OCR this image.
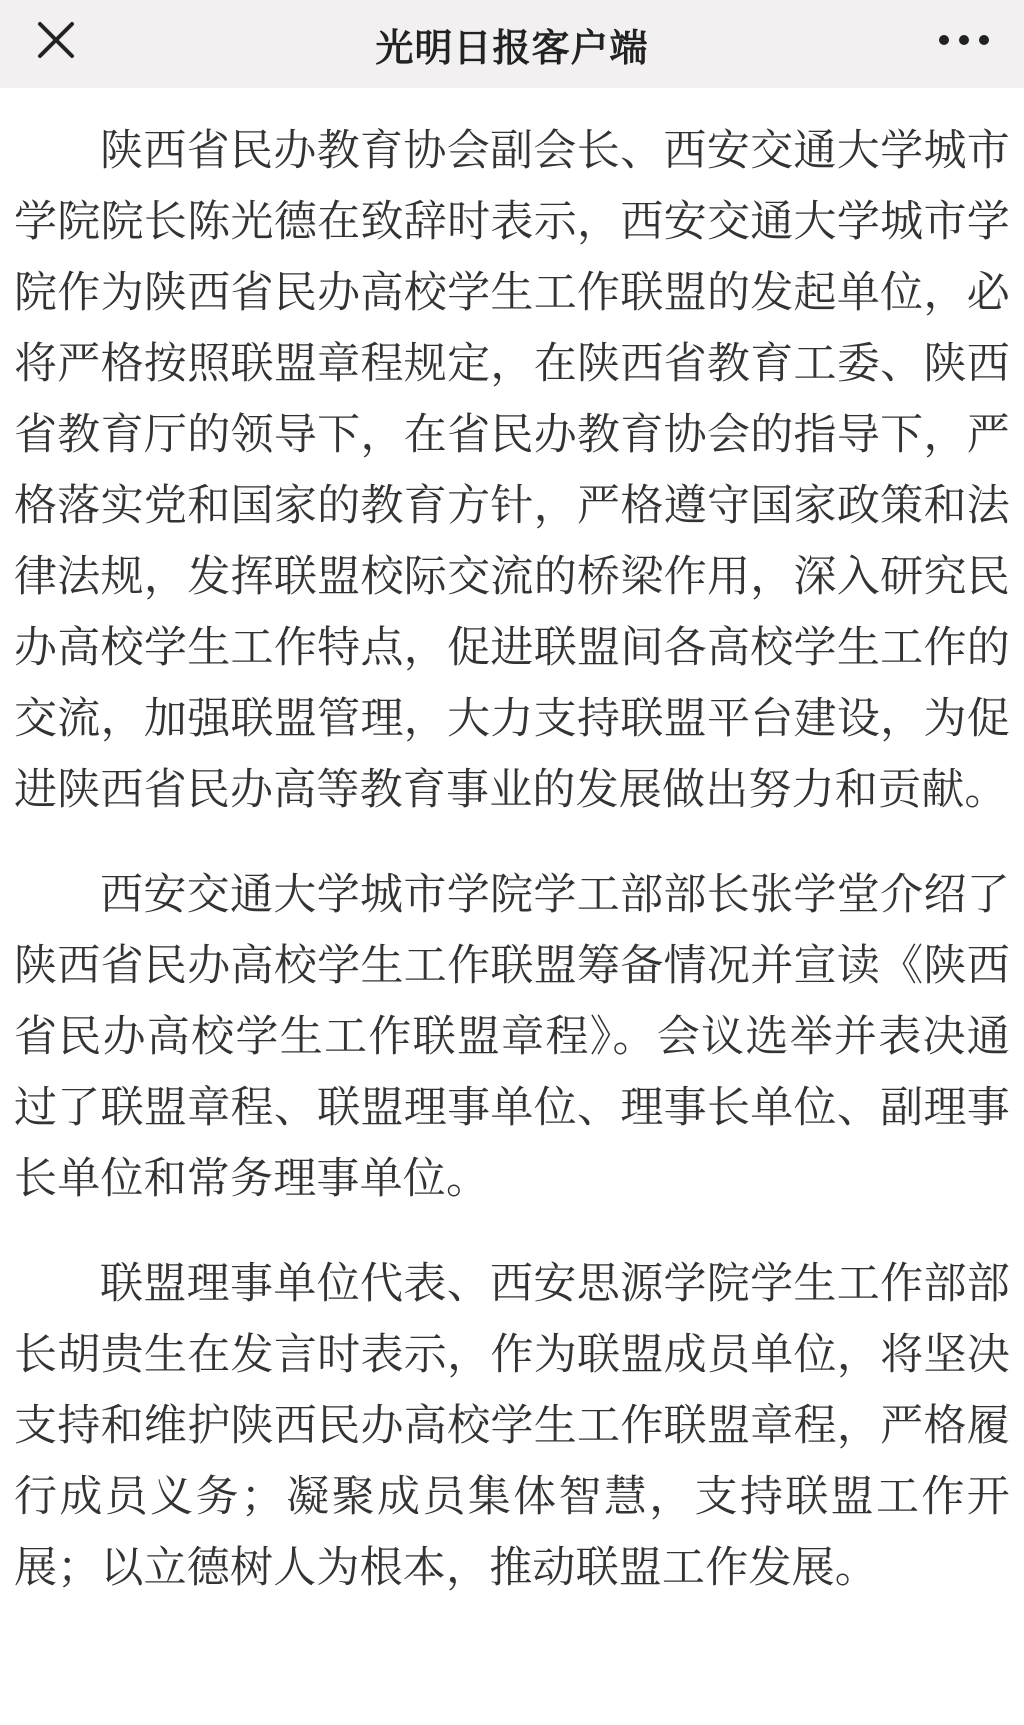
光明日报客户端

陕西省民办教育协会副会长、西安交通大学城市学院院长陈光德在致辞时表示，西安交通大学城市学院作为陕西省民办高校学生工作联盟的发起单位，必将严格按照联盟章程规定，在陕西省教育工委、陕西省教育厅的领导下，在省民办教育协会的指导下，严格落实党和国家的教育方针，严格遵守国家政策和法律法规，发挥联盟校际交流的桥梁作用，深入研究民办高校学生工作特点，促进联盟间各高校学生工作的交流，加强联盟管理，大力支持联盟平台建设，为促进陕西省民办高等教育事业的发展做出努力和贡献。

西安交通大学城市学院学工部部长张学堂介绍了陕西省民办高校学生工作联盟筹备情况并宣读《陕西省民办高校学生工作联盟章程》。会议选举并表决通过了联盟章程、联盟理事单位、理事长单位、副理事长单位和常务理事单位。

联盟理事单位代表、西安思源学院学生工作部部长胡贵生在发言时表示，作为联盟成员单位，将坚决支持和维护陕西民办高校学生工作联盟章程，严格履行成员义务；凝聚成员集体智慧，支持联盟工作开展；以立德树人为根本，推动联盟工作发展。
